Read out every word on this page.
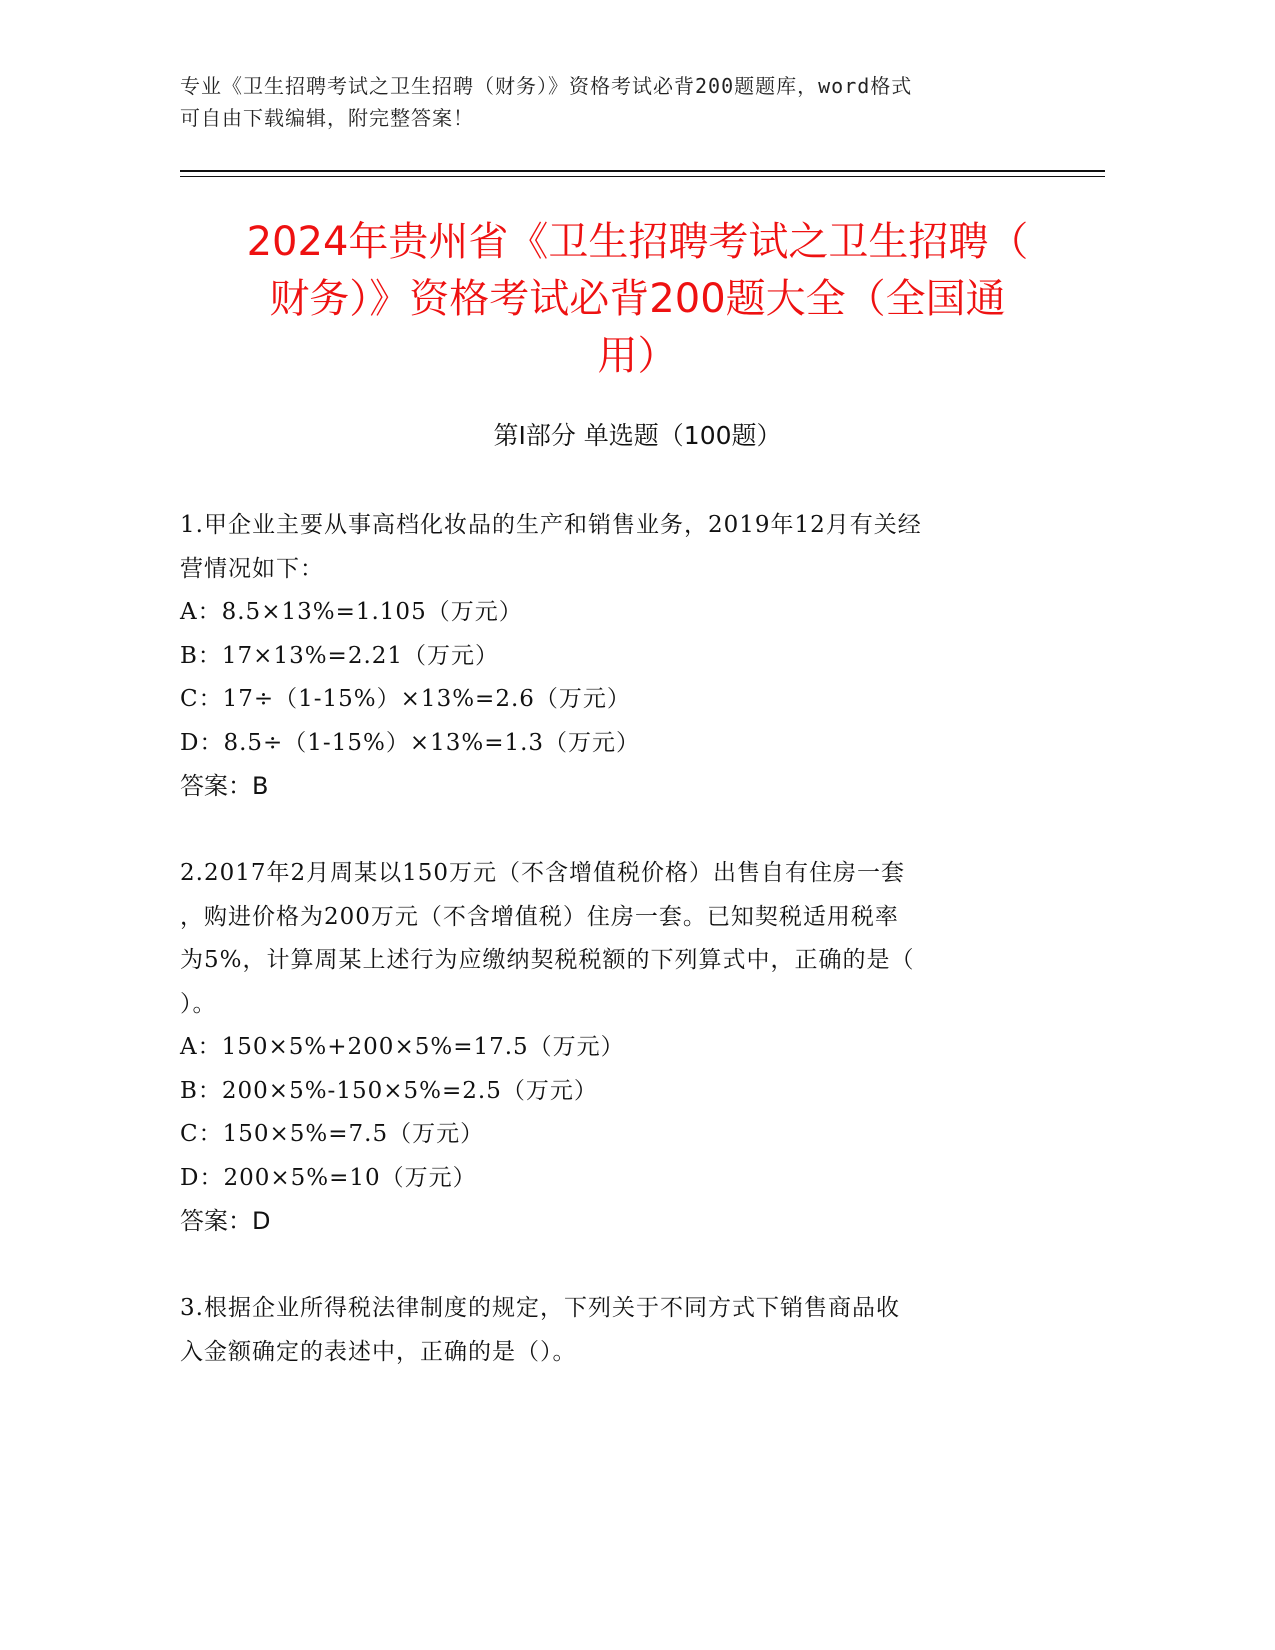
专业《卫生招聘考试之卫生招聘（财务）》资格考试必背200题题库，word格式
可自由下载编辑，附完整答案！
2024年贵州省《卫生招聘考试之卫生招聘（
财务）》资格考试必背200题大全（全国通
用）
第I部分 单选题（100题）
1.甲企业主要从事高档化妆品的生产和销售业务，2019年12月有关经
营情况如下：
A：8.5×13%=1.105（万元）
B：17×13%=2.21（万元）
C：17÷（1-15%）×13%=2.6（万元）
D：8.5÷（1-15%）×13%=1.3（万元）
答案：B
2.2017年2月周某以150万元（不含增值税价格）出售自有住房一套
，购进价格为200万元（不含增值税）住房一套。已知契税适用税率
为5%，计算周某上述行为应缴纳契税税额的下列算式中，正确的是（
）。
A：150×5%+200×5%=17.5（万元）
B：200×5%-150×5%=2.5（万元）
C：150×5%=7.5（万元）
D：200×5%=10（万元）
答案：D
3.根据企业所得税法律制度的规定，下列关于不同方式下销售商品收
入金额确定的表述中，正确的是（）。
